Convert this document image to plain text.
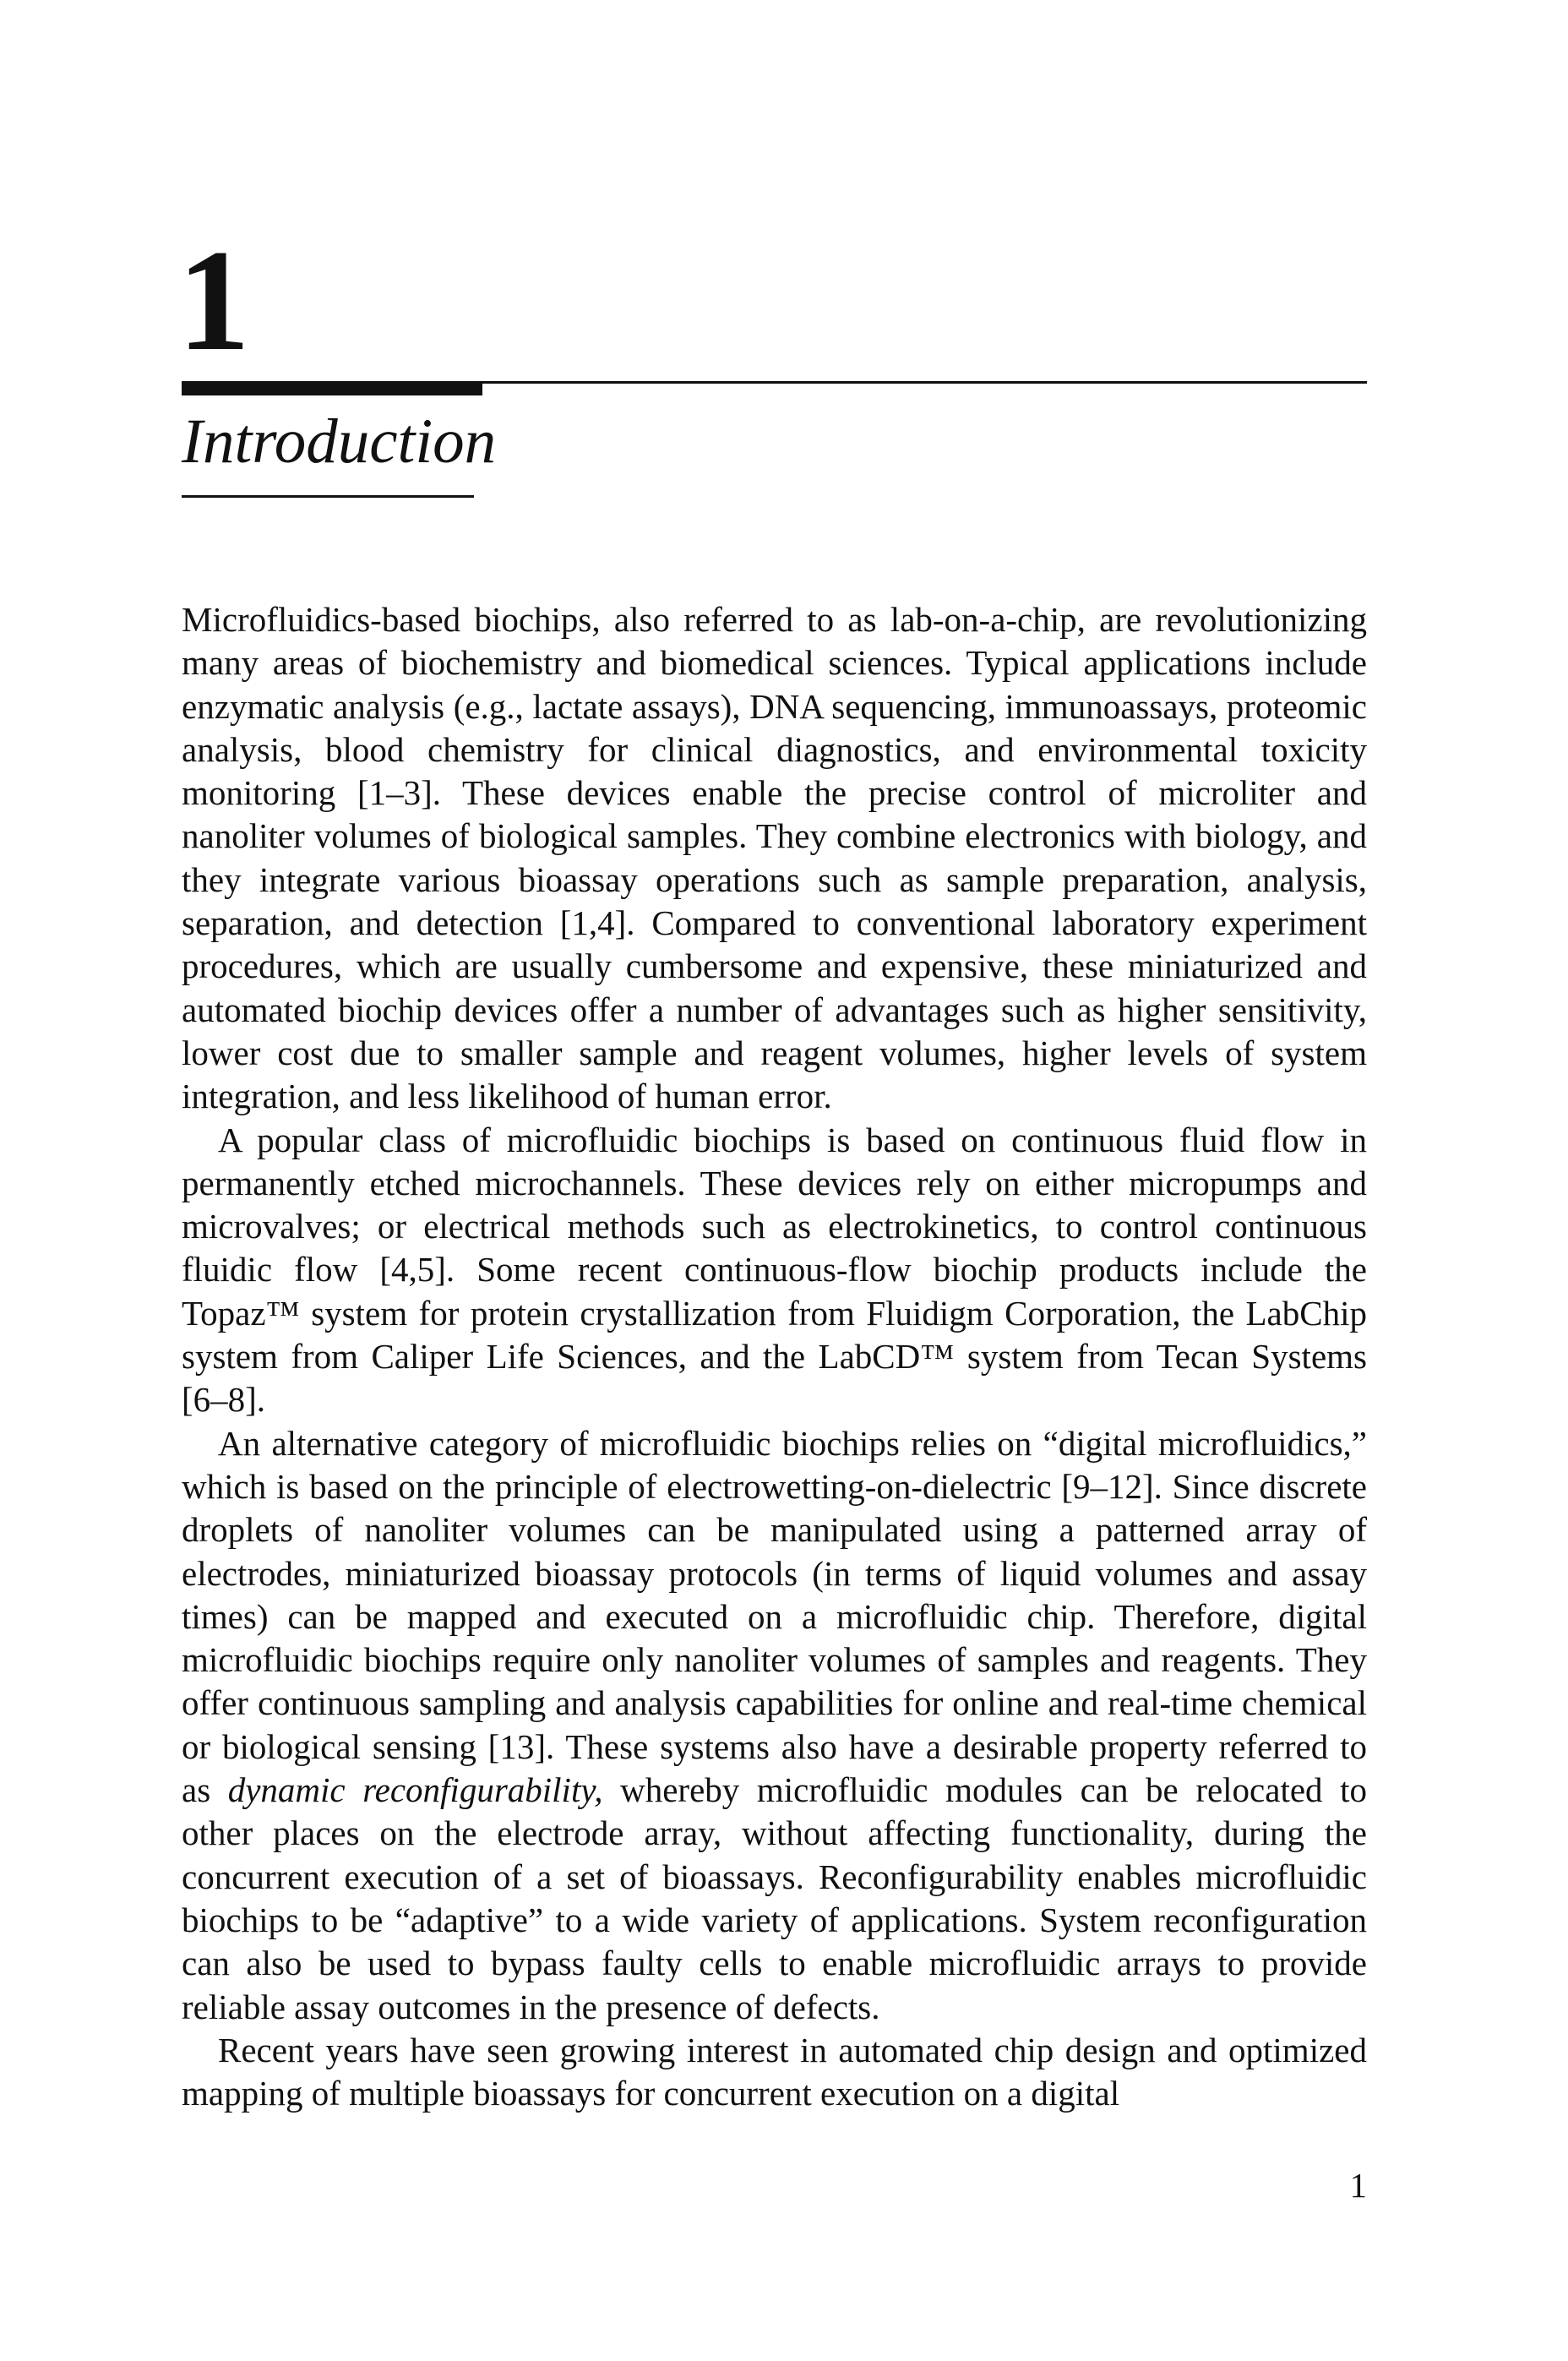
1
Introduction

Microfluidics-based biochips, also referred to as lab-on-a-chip, are revolutionizing many areas of biochemistry and biomedical sciences. Typical applications include enzymatic analysis (e.g., lactate assays), DNA sequencing, immunoassays, proteomic analysis, blood chemistry for clinical diagnostics, and environmental toxicity monitoring [1–3]. These devices enable the precise control of microliter and nanoliter volumes of biological samples. They combine electronics with biology, and they integrate various bioassay operations such as sample preparation, analysis, separation, and detection [1,4]. Compared to conventional laboratory experiment procedures, which are usually cumbersome and expensive, these miniaturized and automated biochip devices offer a number of advantages such as higher sensitivity, lower cost due to smaller sample and reagent volumes, higher levels of system integration, and less likelihood of human error.

A popular class of microfluidic biochips is based on continuous fluid flow in permanently etched microchannels. These devices rely on either micropumps and microvalves; or electrical methods such as electrokinetics, to control continuous fluidic flow [4,5]. Some recent continuous-flow biochip products include the Topaz™ system for protein crystallization from Fluidigm Corporation, the LabChip system from Caliper Life Sciences, and the LabCD™ system from Tecan Systems [6–8].

An alternative category of microfluidic biochips relies on “digital microfluidics,” which is based on the principle of electrowetting-on-dielectric [9–12]. Since discrete droplets of nanoliter volumes can be manipulated using a patterned array of electrodes, miniaturized bioassay protocols (in terms of liquid volumes and assay times) can be mapped and executed on a microfluidic chip. Therefore, digital microfluidic biochips require only nanoliter volumes of samples and reagents. They offer continuous sampling and analysis capabilities for online and real-time chemical or biological sensing [13]. These systems also have a desirable property referred to as dynamic reconfigurability, whereby microfluidic modules can be relocated to other places on the electrode array, without affecting functionality, during the concurrent execution of a set of bioassays. Reconfigurability enables microfluidic biochips to be “adaptive” to a wide variety of applications. System reconfiguration can also be used to bypass faulty cells to enable microfluidic arrays to provide reliable assay outcomes in the presence of defects.

Recent years have seen growing interest in automated chip design and optimized mapping of multiple bioassays for concurrent execution on a digital

1
